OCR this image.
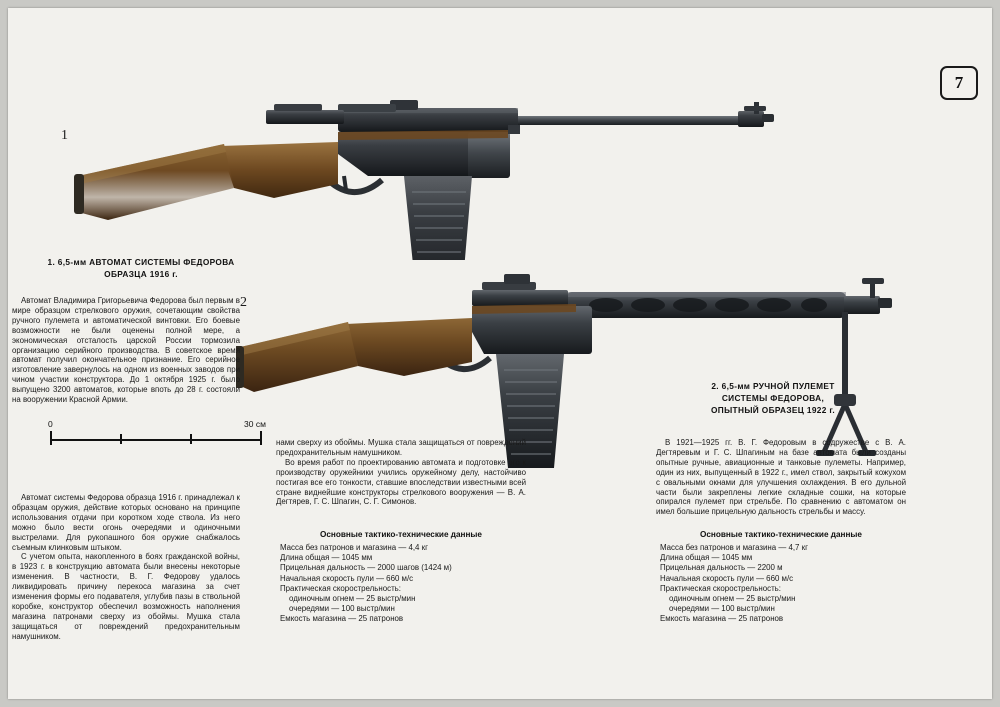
7
1
1. 6,5-мм АВТОМАТ СИСТЕМЫ ФЕДОРОВА
ОБРАЗЦА 1916 г.
2
2. 6,5-мм РУЧНОЙ ПУЛЕМЕТ
СИСТЕМЫ ФЕДОРОВА,
ОПЫТНЫЙ ОБРАЗЕЦ 1922 г.

Автомат Владимира Григорьевича Федорова был первым в мире образцом стрелкового оружия, сочетающим свойства ручного пулемета и автоматической винтовки. Его боевые возможности не были оценены полной мере, а экономическая отсталость царской России тормозила организацию серийного производства. В советское время автомат получил окончательное признание. Его серийное изготовление завернулось на одном из военных заводов при чином участии конструктора. До 1 октября 1925 г. было выпущено 3200 автоматов, которые впоть до 28 г. состояли на вооружении Красной Армии.

0	30 см

Автомат системы Федорова образца 1916 г. принадлежал к образцам оружия, действие которых основано на принципе использования отдачи при коротком ходе ствола. Из него можно было вести огонь очередями и одиночными выстрелами. Для рукопашного боя оружие снабжалось съемным клинковым штыком.

С учетом опыта, накопленного в боях гражданской войны, в 1923 г. в конструкцию автомата были внесены некоторые изменения. В частности, В. Г. Федорову удалось ликвидировать причину перекоса магазина за счет изменения формы его подавателя, углубив пазы в ствольной коробке, конструктор обеспечил возможность наполнения магазина патронами сверху из обоймы. Мушка стала защищаться от повреждений предохранительным намушником.

нами сверху из обоймы. Мушка стала защищаться от повреждений предохранительным намушником.

Во время работ по проектированию автомата и подготовке его к производству оружейники учились оружейному делу, настойчиво постигая все его тонкости, ставшие впоследствии известными всей стране виднейшие конструкторы стрелкового вооружения — В. А. Дегтярев, Г. С. Шпагин, С. Г. Симонов.

Основные тактико-технические данные
Масса без патронов и магазина — 4,4 кг
Длина общая — 1045 мм
Прицельная дальность — 2000 шагов (1424 м)
Начальная скорость пули — 660 м/с
Практическая скорострельность:
одиночным огнем — 25 выстр/мин
очередями — 100 выстр/мин
Емкость магазина — 25 патронов

В 1921—1925 гг. В. Г. Федоровым в содружестве с В. А. Дегтяревым и Г. С. Шпагиным на базе автомата были созданы опытные ручные, авиационные и танковые пулеметы. Например, один из них, выпущенный в 1922 г., имел ствол, закрытый кожухом с овальными окнами для улучшения охлаждения. В его дульной части были закреплены легкие складные сошки, на которые опирался пулемет при стрельбе. По сравнению с автоматом он имел большие прицельную дальность стрельбы и массу.

Основные тактико-технические данные
Масса без патронов и магазина — 4,7 кг
Длина общая — 1045 мм
Прицельная дальность — 2200 м
Начальная скорость пули — 660 м/с
Практическая скорострельность:
одиночным огнем — 25 выстр/мин
очередями — 100 выстр/мин
Емкость магазина — 25 патронов
